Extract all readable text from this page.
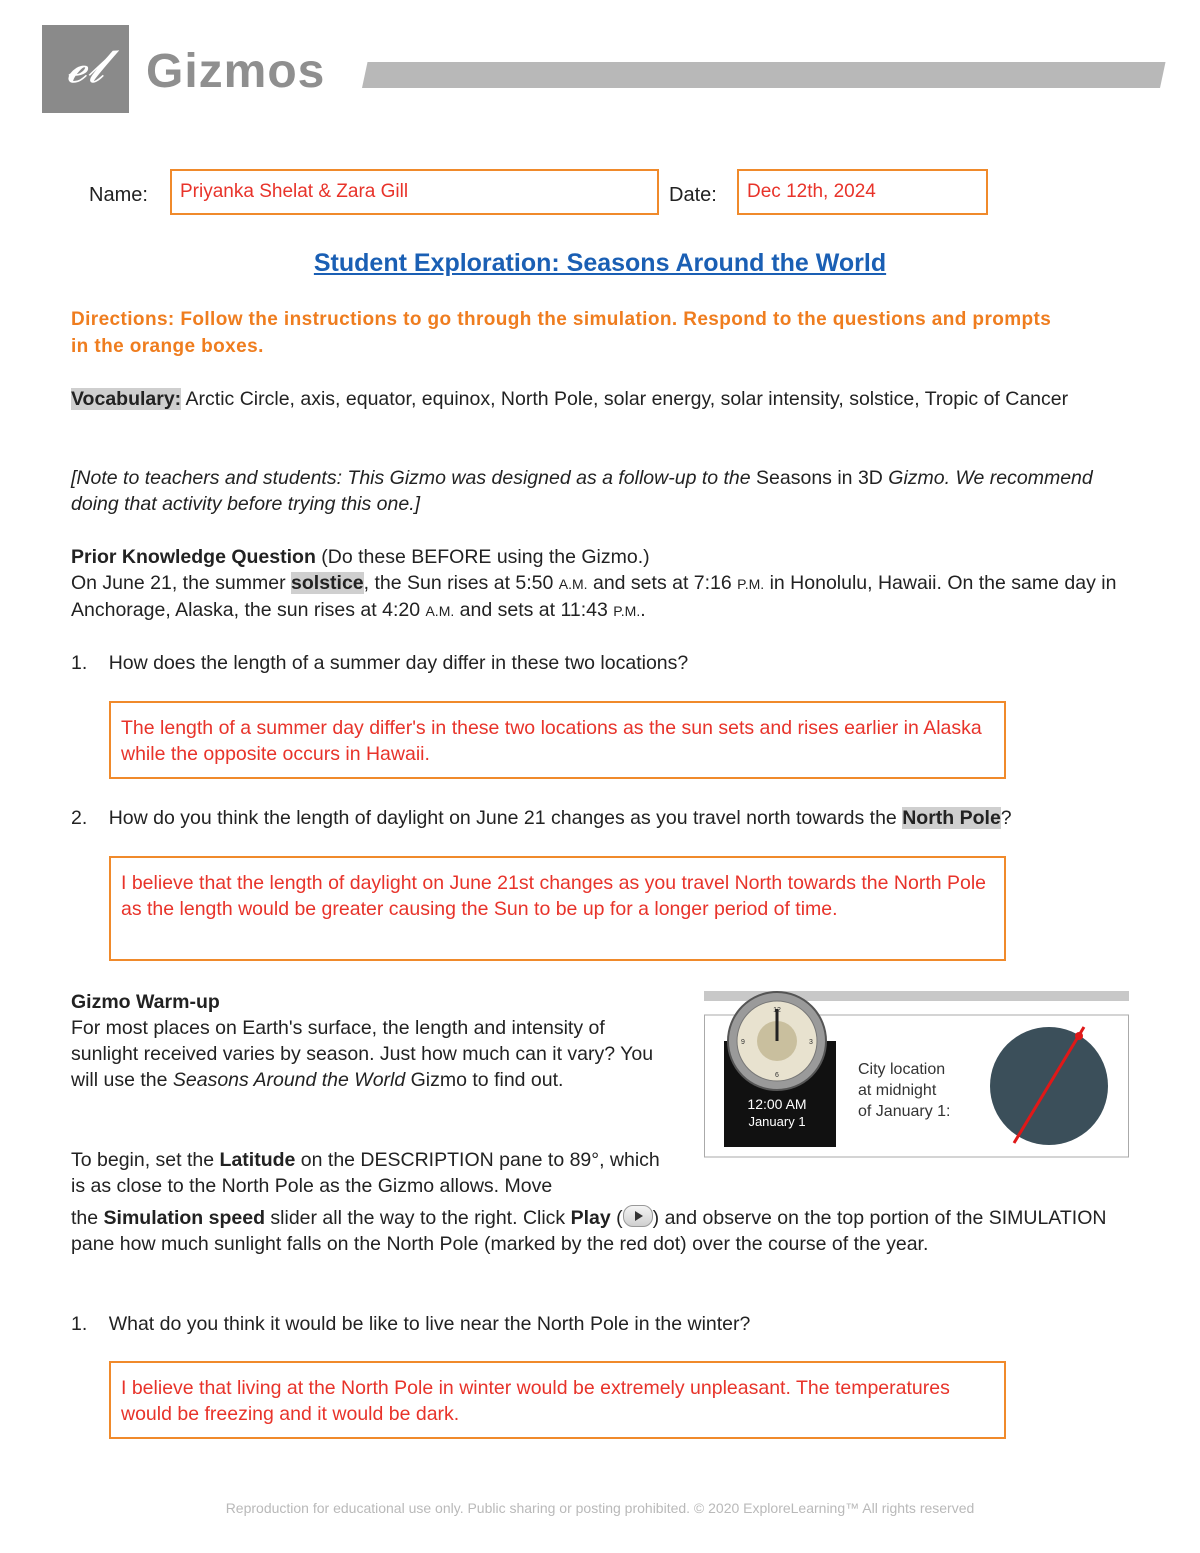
𝓮𝓵 Gizmos
Name:	Priyanka Shelat & Zara Gill	Date:	Dec 12th, 2024
Student Exploration: Seasons Around the World
Directions: Follow the instructions to go through the simulation. Respond to the questions and prompts in the orange boxes.
Vocabulary: Arctic Circle, axis, equator, equinox, North Pole, solar energy, solar intensity, solstice, Tropic of Cancer
[Note to teachers and students: This Gizmo was designed as a follow-up to the Seasons in 3D Gizmo. We recommend doing that activity before trying this one.]
Prior Knowledge Question (Do these BEFORE using the Gizmo.)
On June 21, the summer solstice, the Sun rises at 5:50 A.M. and sets at 7:16 P.M. in Honolulu, Hawaii. On the same day in Anchorage, Alaska, the sun rises at 4:20 A.M. and sets at 11:43 P.M..
1. How does the length of a summer day differ in these two locations?
The length of a summer day differ's in these two locations as the sun sets and rises earlier in Alaska while the opposite occurs in Hawaii.
2. How do you think the length of daylight on June 21 changes as you travel north towards the North Pole?
I believe that the length of daylight on June 21st changes as you travel North towards the North Pole as the length would be greater causing the Sun to be up for a longer period of time.
Gizmo Warm-up
For most places on Earth's surface, the length and intensity of sunlight received varies by season. Just how much can it vary? You will use the Seasons Around the World Gizmo to find out.
To begin, set the Latitude on the DESCRIPTION pane to 89°, which is as close to the North Pole as the Gizmo allows. Move
the Simulation speed slider all the way to the right. Click Play ( ) and observe on the top portion of the SIMULATION pane how much sunlight falls on the North Pole (marked by the red dot) over the course of the year.
1. What do you think it would be like to live near the North Pole in the winter?
I believe that living at the North Pole in winter would be extremely unpleasant. The temperatures would be freezing and it would be dark.
12
3
6
9
12:00 AM
January 1
City location
at midnight
of January 1:
Reproduction for educational use only. Public sharing or posting prohibited. © 2020 ExploreLearning™ All rights reserved
